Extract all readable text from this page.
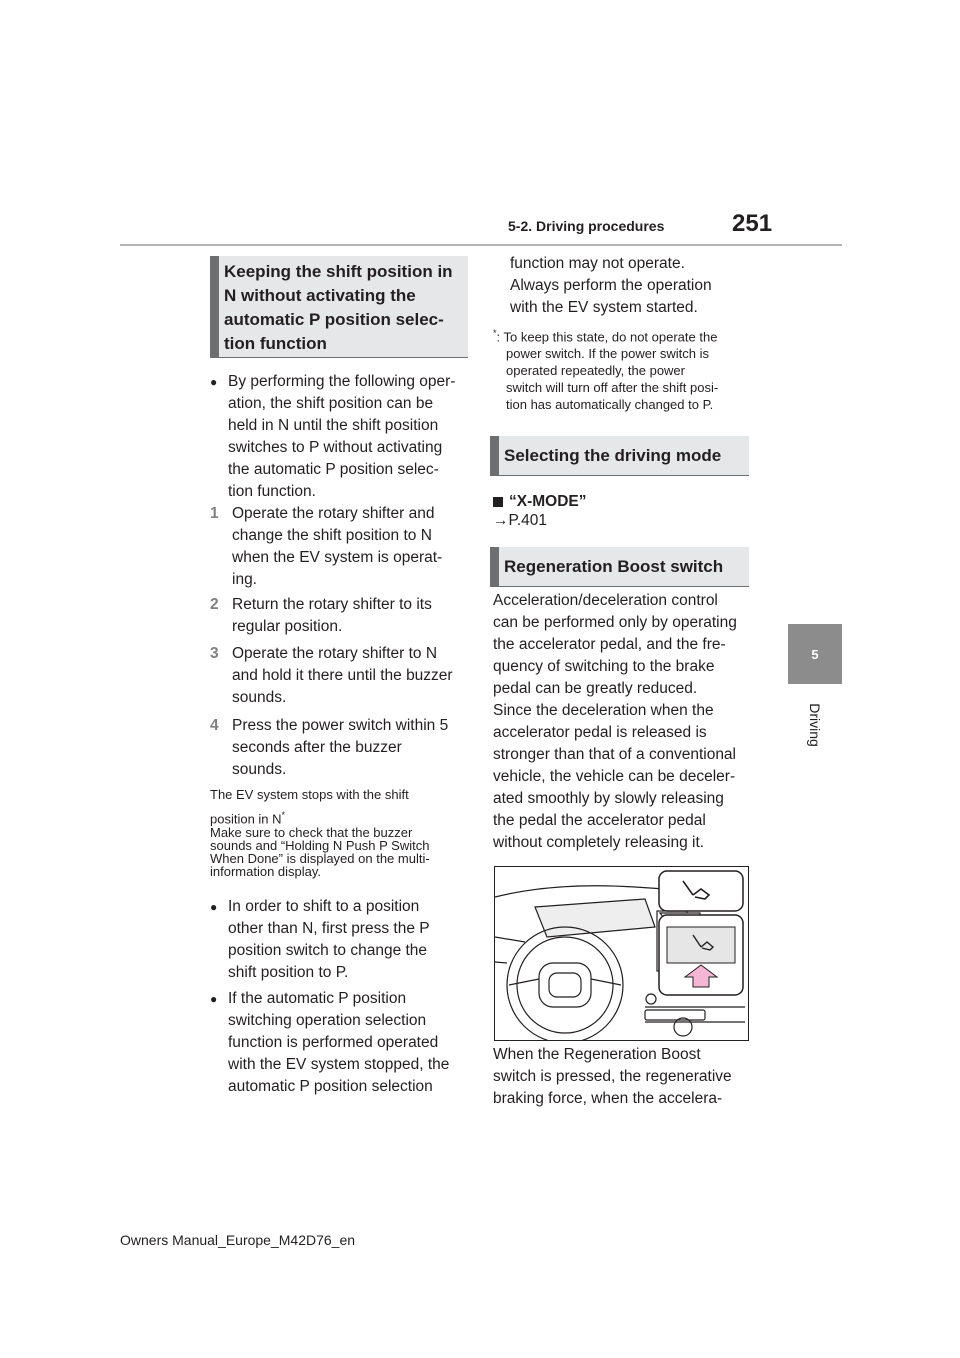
5-2. Driving procedures	251
5
Driving
Keeping the shift position in
N without activating the
automatic P position selec-
tion function
● By performing the following oper-
ation, the shift position can be
held in N until the shift position
switches to P without activating
the automatic P position selec-
tion function.
1 Operate the rotary shifter and
change the shift position to N
when the EV system is operat-
ing.
2 Return the rotary shifter to its
regular position.
3 Operate the rotary shifter to N
and hold it there until the buzzer
sounds.
4 Press the power switch within 5
seconds after the buzzer
sounds.
The EV system stops with the shift
position in N*
Make sure to check that the buzzer
sounds and “Holding N Push P Switch
When Done” is displayed on the multi-
information display.
● In order to shift to a position
other than N, first press the P
position switch to change the
shift position to P.
● If the automatic P position
switching operation selection
function is performed operated
with the EV system stopped, the
automatic P position selection
function may not operate.
Always perform the operation
with the EV system started.
*: To keep this state, do not operate the
power switch. If the power switch is
operated repeatedly, the power
switch will turn off after the shift posi-
tion has automatically changed to P.
Selecting the driving mode
“X-MODE”
→P.401
Regeneration Boost switch
Acceleration/deceleration control
can be performed only by operating
the accelerator pedal, and the fre-
quency of switching to the brake
pedal can be greatly reduced.
Since the deceleration when the
accelerator pedal is released is
stronger than that of a conventional
vehicle, the vehicle can be deceler-
ated smoothly by slowly releasing
the pedal the accelerator pedal
without completely releasing it.
When the Regeneration Boost
switch is pressed, the regenerative
braking force, when the accelera-
Owners Manual_Europe_M42D76_en
